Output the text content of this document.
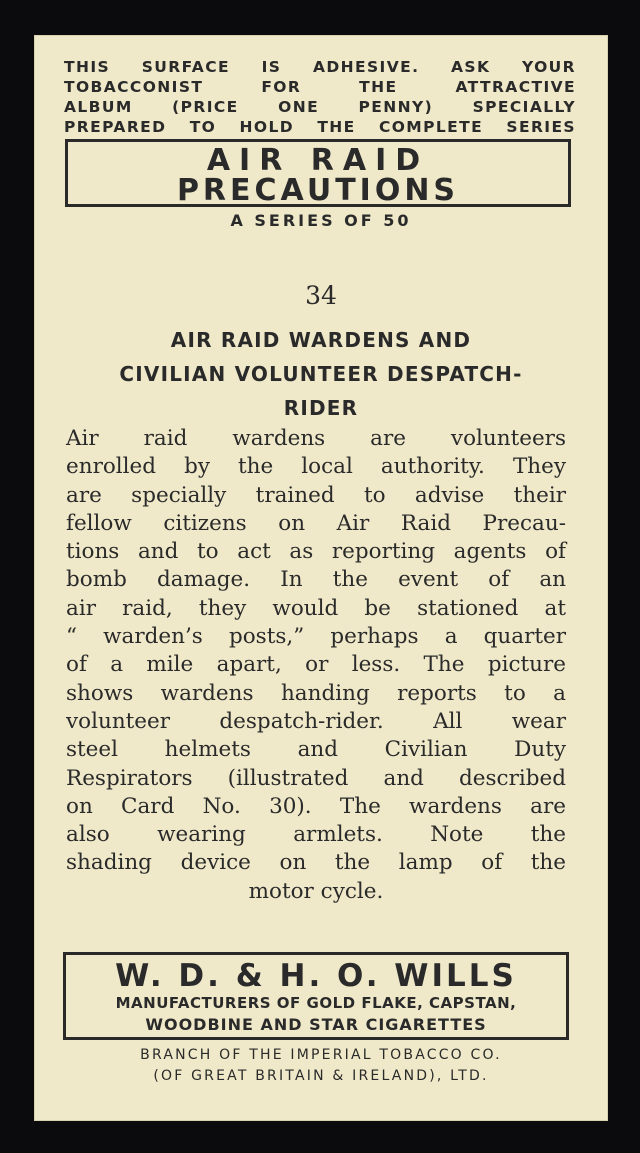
THIS SURFACE IS ADHESIVE. ASK YOUR
TOBACCONIST FOR THE ATTRACTIVE
ALBUM (PRICE ONE PENNY) SPECIALLY
PREPARED TO HOLD THE COMPLETE SERIES
AIR RAID
PRECAUTIONS
A SERIES OF 50
34
AIR RAID WARDENS AND
CIVILIAN VOLUNTEER DESPATCH-
RIDER
Air raid wardens are volunteers
enrolled by the local authority. They
are specially trained to advise their
fellow citizens on Air Raid Precau-
tions and to act as reporting agents of
bomb damage. In the event of an
air raid, they would be stationed at
“ warden’s posts,” perhaps a quarter
of a mile apart, or less. The picture
shows wardens handing reports to a
volunteer despatch-rider. All wear
steel helmets and Civilian Duty
Respirators (illustrated and described
on Card No. 30). The wardens are
also wearing armlets. Note the
shading device on the lamp of the
motor cycle.
W. D. & H. O. WILLS
MANUFACTURERS OF GOLD FLAKE, CAPSTAN,
WOODBINE AND STAR CIGARETTES
BRANCH OF THE IMPERIAL TOBACCO CO.
(OF GREAT BRITAIN & IRELAND), LTD.
